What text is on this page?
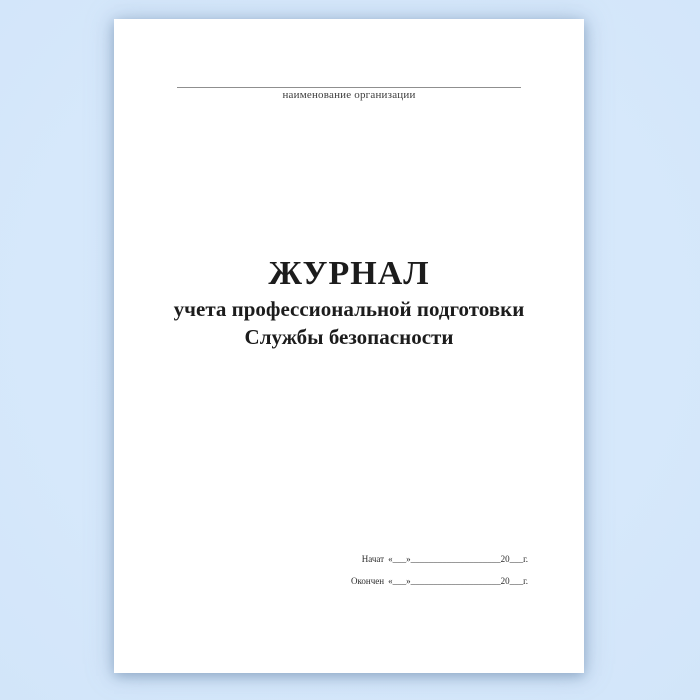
наименование организации
ЖУРНАЛ
учета профессиональной подготовки
Службы безопасности
Начат «___» ____________________ 20___г.
Окончен «___» ____________________ 20___г.
